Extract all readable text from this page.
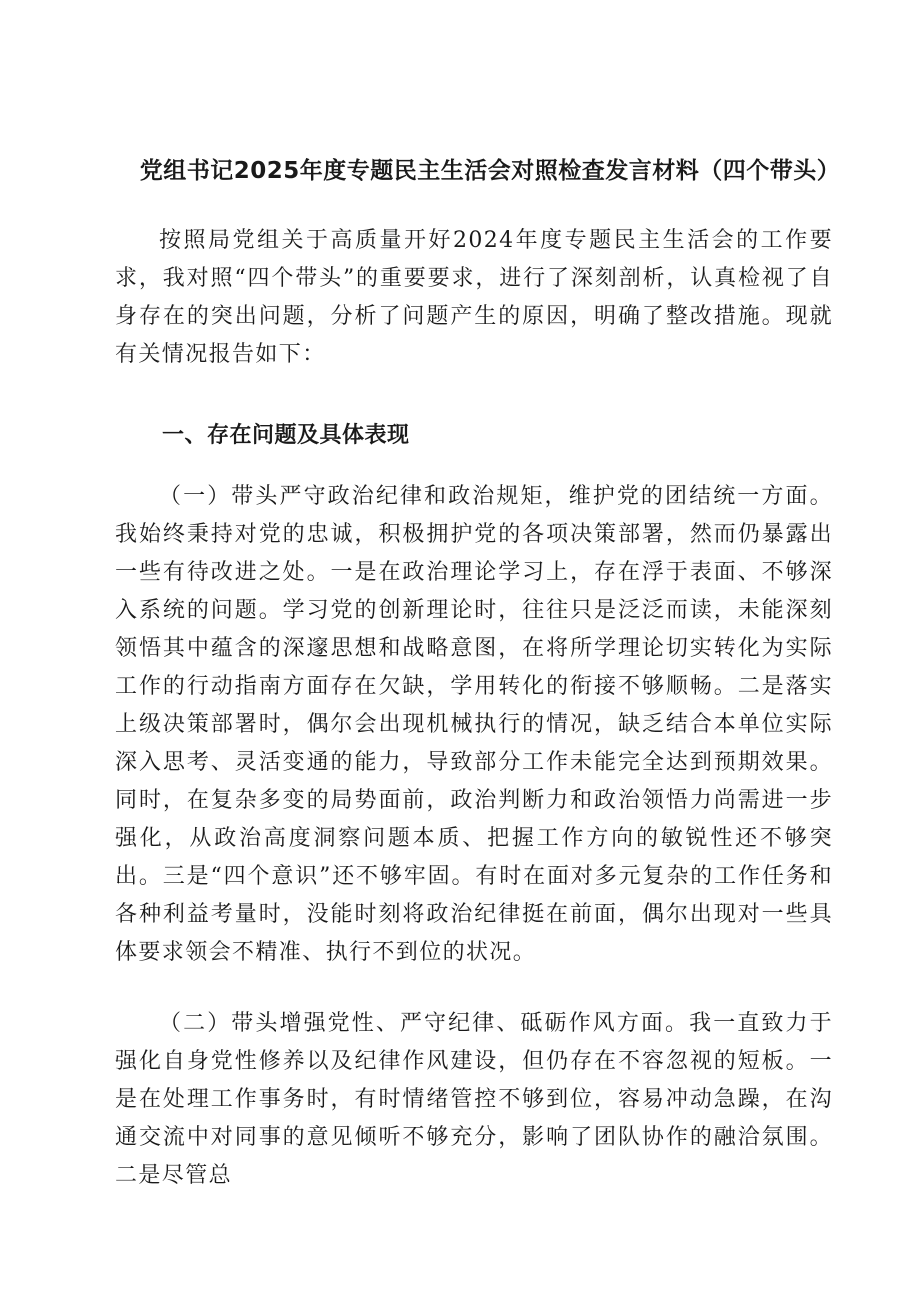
党组书记2025年度专题民主生活会对照检查发言材料（四个带头）

按照局党组关于高质量开好2024年度专题民主生活会的工作要求，我对照“四个带头”的重要要求，进行了深刻剖析，认真检视了自身存在的突出问题，分析了问题产生的原因，明确了整改措施。现就有关情况报告如下：

一、存在问题及具体表现

（一）带头严守政治纪律和政治规矩，维护党的团结统一方面。我始终秉持对党的忠诚，积极拥护党的各项决策部署，然而仍暴露出一些有待改进之处。一是在政治理论学习上，存在浮于表面、不够深入系统的问题。学习党的创新理论时，往往只是泛泛而读，未能深刻领悟其中蕴含的深邃思想和战略意图，在将所学理论切实转化为实际工作的行动指南方面存在欠缺，学用转化的衔接不够顺畅。二是落实上级决策部署时，偶尔会出现机械执行的情况，缺乏结合本单位实际深入思考、灵活变通的能力，导致部分工作未能完全达到预期效果。同时，在复杂多变的局势面前，政治判断力和政治领悟力尚需进一步强化，从政治高度洞察问题本质、把握工作方向的敏锐性还不够突出。三是“四个意识”还不够牢固。有时在面对多元复杂的工作任务和各种利益考量时，没能时刻将政治纪律挺在前面，偶尔出现对一些具体要求领会不精准、执行不到位的状况。

（二）带头增强党性、严守纪律、砥砺作风方面。我一直致力于强化自身党性修养以及纪律作风建设，但仍存在不容忽视的短板。一是在处理工作事务时，有时情绪管控不够到位，容易冲动急躁，在沟通交流中对同事的意见倾听不够充分，影响了团队协作的融洽氛围。二是尽管总
